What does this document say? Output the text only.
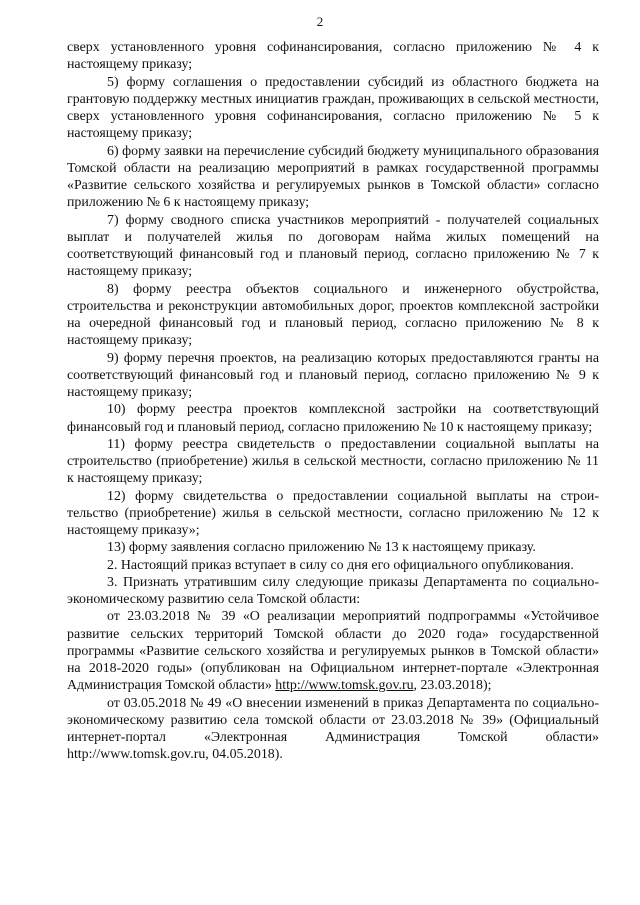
2

сверх установленного уровня софинансирования, согласно приложению № 4 к настоящему приказу;

5) форму соглашения о предоставлении субсидий из областного бюджета на грантовую поддержку местных инициатив граждан, проживающих в сельской местности, сверх установленного уровня софинансирования, согласно приложению № 5 к настоящему приказу;

6) форму заявки на перечисление субсидий бюджету муниципального образования Томской области на реализацию мероприятий в рамках государственной программы «Развитие сельского хозяйства и регулируемых рынков в Томской области» согласно приложению № 6 к настоящему приказу;

7) форму сводного списка участников мероприятий - получателей социальных выплат и получателей жилья по договорам найма жилых помещений на соответствующий финансовый год и плановый период, согласно приложению № 7 к настоящему приказу;

8) форму реестра объектов социального и инженерного обустройства, строительства и реконструкции автомобильных дорог, проектов комплексной застройки на очередной финансовый год и плановый период, согласно приложению № 8 к настоящему приказу;

9) форму перечня проектов, на реализацию которых предоставляются гранты на соответствующий финансовый год и плановый период, согласно приложению № 9 к настоящему приказу;

10) форму реестра проектов комплексной застройки на соответствующий финансовый год и плановый период, согласно приложению № 10 к настоящему приказу;

11) форму реестра свидетельств о предоставлении социальной выплаты на строительство (приобретение) жилья в сельской местности, согласно приложению № 11 к настоящему приказу;

12) форму свидетельства о предоставлении социальной выплаты на строи-тельство (приобретение) жилья в сельской местности, согласно приложению № 12 к настоящему приказу»;

13) форму заявления согласно приложению № 13 к настоящему приказу.

2. Настоящий приказ вступает в силу со дня его официального опубликования.

3. Признать утратившим силу следующие приказы Департамента по социально-экономическому развитию села Томской области:

от 23.03.2018 № 39 «О реализации мероприятий подпрограммы «Устойчивое развитие сельских территорий Томской области до 2020 года» государственной программы «Развитие сельского хозяйства и регулируемых рынков в Томской области» на 2018-2020 годы» (опубликован на Официальном интернет-портале «Электронная Администрация Томской области» http://www.tomsk.gov.ru, 23.03.2018);

от 03.05.2018 № 49 «О внесении изменений в приказ Департамента по социально-экономическому развитию села томской области от 23.03.2018 № 39» (Официальный интернет-портал «Электронная Администрация Томской области» http://www.tomsk.gov.ru, 04.05.2018).
